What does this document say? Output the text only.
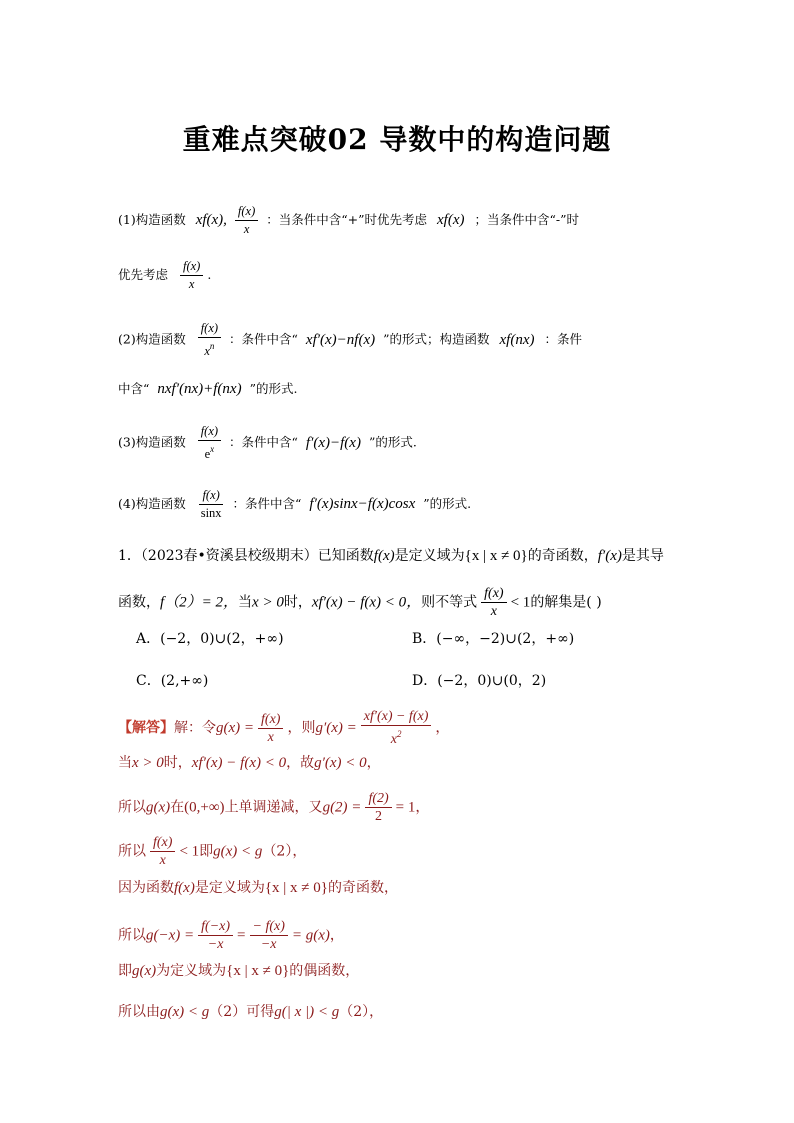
重难点突破02 导数中的构造问题
(1)构造函数 xf(x), $\frac{f(x)}{x}$ ：当条件中含“+”时优先考虑 xf(x) ；当条件中含“-”时
优先考虑 $\frac{f(x)}{x}$ .
(2)构造函数 $\frac{f(x)}{x^n}$ ：条件中含“ xf′(x)−nf(x) ”的形式；构造函数 xf(nx) ：条件
中含“ nxf′(nx)+f(nx) ”的形式.
(3)构造函数 $\frac{f(x)}{e^x}$ ：条件中含“ f′(x)−f(x) ”的形式.
(4)构造函数 $\frac{f(x)}{\sin x}$ ：条件中含“ f′(x)sinx−f(x)cosx ”的形式.
1．（2023春•资溪县校级期末）已知函数f(x)是定义域为{x | x ≠ 0}的奇函数，f′(x)是其导
函数，f（2）= 2，当x > 0时，xf′(x) − f(x) < 0，则不等式 $\frac{f(x)}{x} < 1$的解集是( )
A．(−2，0)∪(2，+∞)	B．(−∞，−2)∪(2，+∞)
C．(2,+∞)	D．(−2，0)∪(0，2)
【解答】解：令$g(x) = \frac{f(x)}{x}$ ，则$g'(x) = \frac{xf'(x) - f(x)}{x^2}$ ，
当x > 0时，xf′(x) − f(x) < 0，故g′(x) < 0，
所以g(x)在(0,+∞)上单调递减，又$g(2) = \frac{f(2)}{2} = 1$，
所以 $\frac{f(x)}{x} < 1$即g(x) < g（2），
因为函数f(x)是定义域为{x | x ≠ 0}的奇函数，
所以$g(-x) = \frac{f(-x)}{-x} = \frac{- f(x)}{-x} = g(x)$，
即g(x)为定义域为{x | x ≠ 0}的偶函数，
所以由g(x) < g（2）可得g(| x |) < g（2），
